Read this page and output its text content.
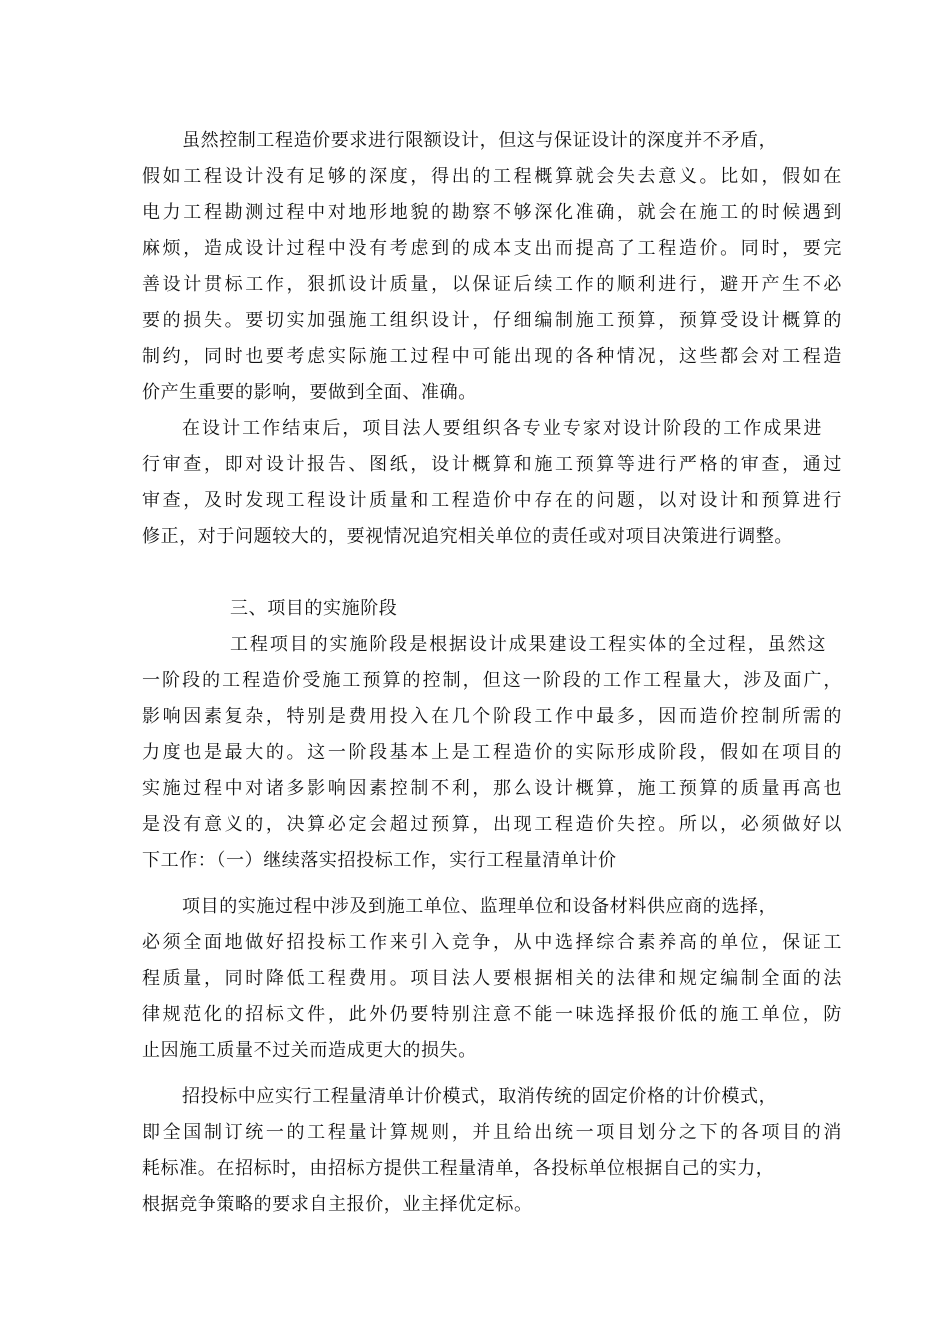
虽然控制工程造价要求进行限额设计，但这与保证设计的深度并不矛盾，

假如工程设计没有足够的深度，得出的工程概算就会失去意义。比如，假如在

电力工程勘测过程中对地形地貌的勘察不够深化准确，就会在施工的时候遇到

麻烦，造成设计过程中没有考虑到的成本支出而提高了工程造价。同时，要完

善设计贯标工作，狠抓设计质量，以保证后续工作的顺利进行，避开产生不必

要的损失。要切实加强施工组织设计，仔细编制施工预算，预算受设计概算的

制约，同时也要考虑实际施工过程中可能出现的各种情况，这些都会对工程造

价产生重要的影响，要做到全面、准确。

在设计工作结束后，项目法人要组织各专业专家对设计阶段的工作成果进

行审查，即对设计报告、图纸，设计概算和施工预算等进行严格的审查，通过

审查，及时发现工程设计质量和工程造价中存在的问题，以对设计和预算进行

修正，对于问题较大的，要视情况追究相关单位的责任或对项目决策进行调整。

三、项目的实施阶段

工程项目的实施阶段是根据设计成果建设工程实体的全过程，虽然这

一阶段的工程造价受施工预算的控制，但这一阶段的工作工程量大，涉及面广，

影响因素复杂，特别是费用投入在几个阶段工作中最多，因而造价控制所需的

力度也是最大的。这一阶段基本上是工程造价的实际形成阶段，假如在项目的

实施过程中对诸多影响因素控制不利，那么设计概算，施工预算的质量再高也

是没有意义的，决算必定会超过预算，出现工程造价失控。所以，必须做好以

下工作：（一）继续落实招投标工作，实行工程量清单计价

项目的实施过程中涉及到施工单位、监理单位和设备材料供应商的选择，

必须全面地做好招投标工作来引入竞争，从中选择综合素养高的单位，保证工

程质量，同时降低工程费用。项目法人要根据相关的法律和规定编制全面的法

律规范化的招标文件，此外仍要特别注意不能一味选择报价低的施工单位，防

止因施工质量不过关而造成更大的损失。

招投标中应实行工程量清单计价模式，取消传统的固定价格的计价模式，

即全国制订统一的工程量计算规则，并且给出统一项目划分之下的各项目的消

耗标准。在招标时，由招标方提供工程量清单，各投标单位根据自己的实力，

根据竞争策略的要求自主报价，业主择优定标。
